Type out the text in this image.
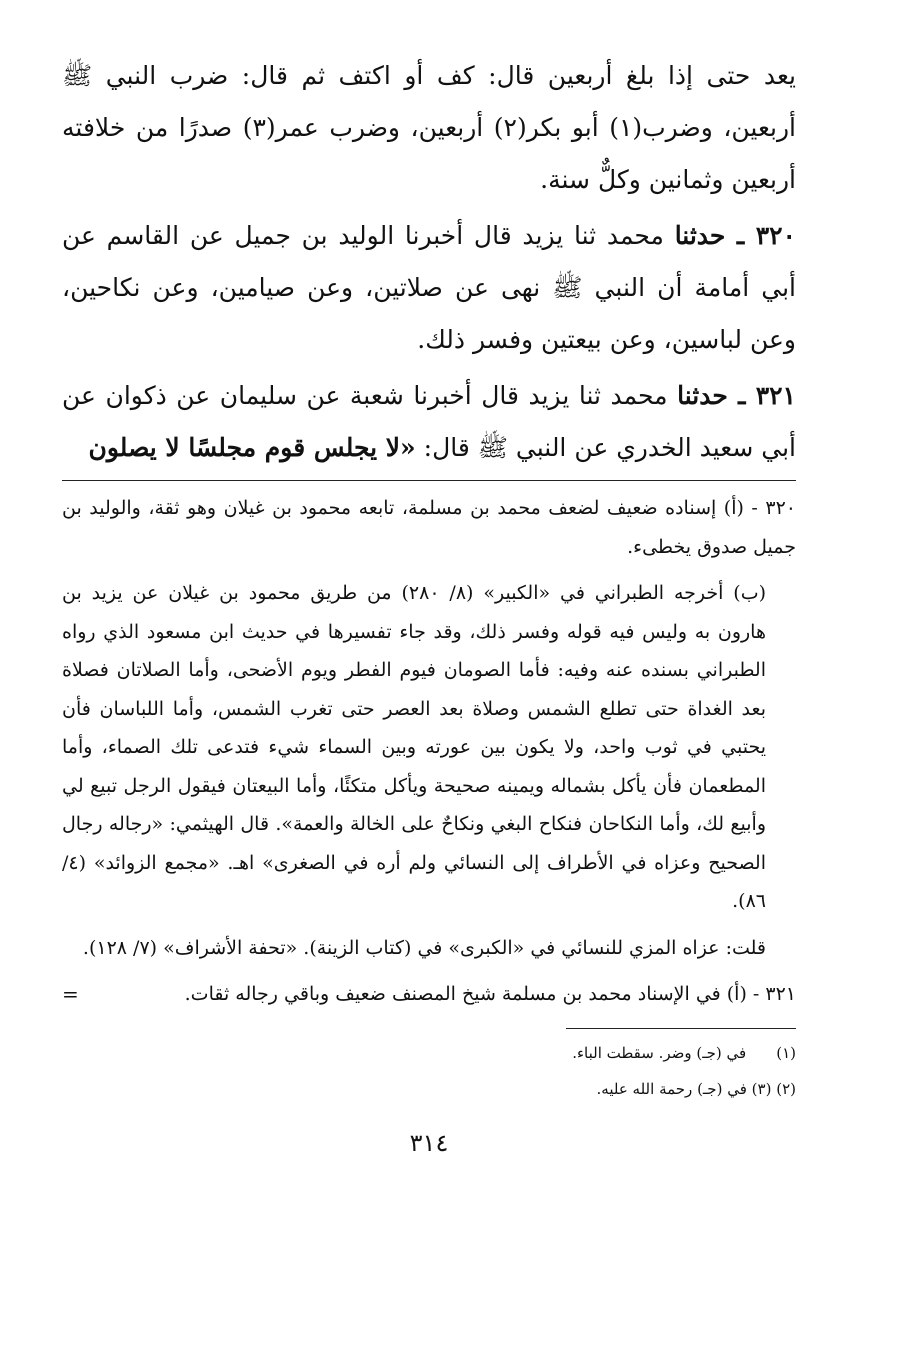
يعد حتى إذا بلغ أربعين قال: كف أو اكتف ثم قال: ضرب النبي ﷺ أربعين، وضرب(١) أبو بكر(٢) أربعين، وضرب عمر(٣) صدرًا من خلافته أربعين وثمانين وكلٌّ سنة.

٣٢٠ ـ حدثنا محمد ثنا يزيد قال أخبرنا الوليد بن جميل عن القاسم عن أبي أمامة أن النبي ﷺ نهى عن صلاتين، وعن صيامين، وعن نكاحين، وعن لباسين، وعن بيعتين وفسر ذلك.

٣٢١ ـ حدثنا محمد ثنا يزيد قال أخبرنا شعبة عن سليمان عن ذكوان عن أبي سعيد الخدري عن النبي ﷺ قال: «لا يجلس قوم مجلسًا لا يصلون

٣٢٠ - (أ) إسناده ضعيف لضعف محمد بن مسلمة، تابعه محمود بن غيلان وهو ثقة، والوليد بن جميل صدوق يخطىء.

(ب) أخرجه الطبراني في «الكبير» (٨/ ٢٨٠) من طريق محمود بن غيلان عن يزيد بن هارون به وليس فيه قوله وفسر ذلك، وقد جاء تفسيرها في حديث ابن مسعود الذي رواه الطبراني بسنده عنه وفيه: فأما الصومان فيوم الفطر ويوم الأضحى، وأما الصلاتان فصلاة بعد الغداة حتى تطلع الشمس وصلاة بعد العصر حتى تغرب الشمس، وأما اللباسان فأن يحتبي في ثوب واحد، ولا يكون بين عورته وبين السماء شيء فتدعى تلك الصماء، وأما المطعمان فأن يأكل بشماله ويمينه صحيحة ويأكل متكئًا، وأما البيعتان فيقول الرجل تبيع لي وأبيع لك، وأما النكاحان فنكاح البغي ونكاحٌ على الخالة والعمة». قال الهيثمي: «رجاله رجال الصحيح وعزاه في الأطراف إلى النسائي ولم أره في الصغرى» اهـ. «مجمع الزوائد» (٤/ ٨٦).

قلت: عزاه المزي للنسائي في «الكبرى» في (كتاب الزينة). «تحفة الأشراف» (٧/ ١٢٨).

=	٣٢١ - (أ) في الإسناد محمد بن مسلمة شيخ المصنف ضعيف وباقي رجاله ثقات.

(١)في (جـ) وضر. سقطت الباء.
(٢) (٣) في (جـ) رحمة الله عليه.
٣١٤
